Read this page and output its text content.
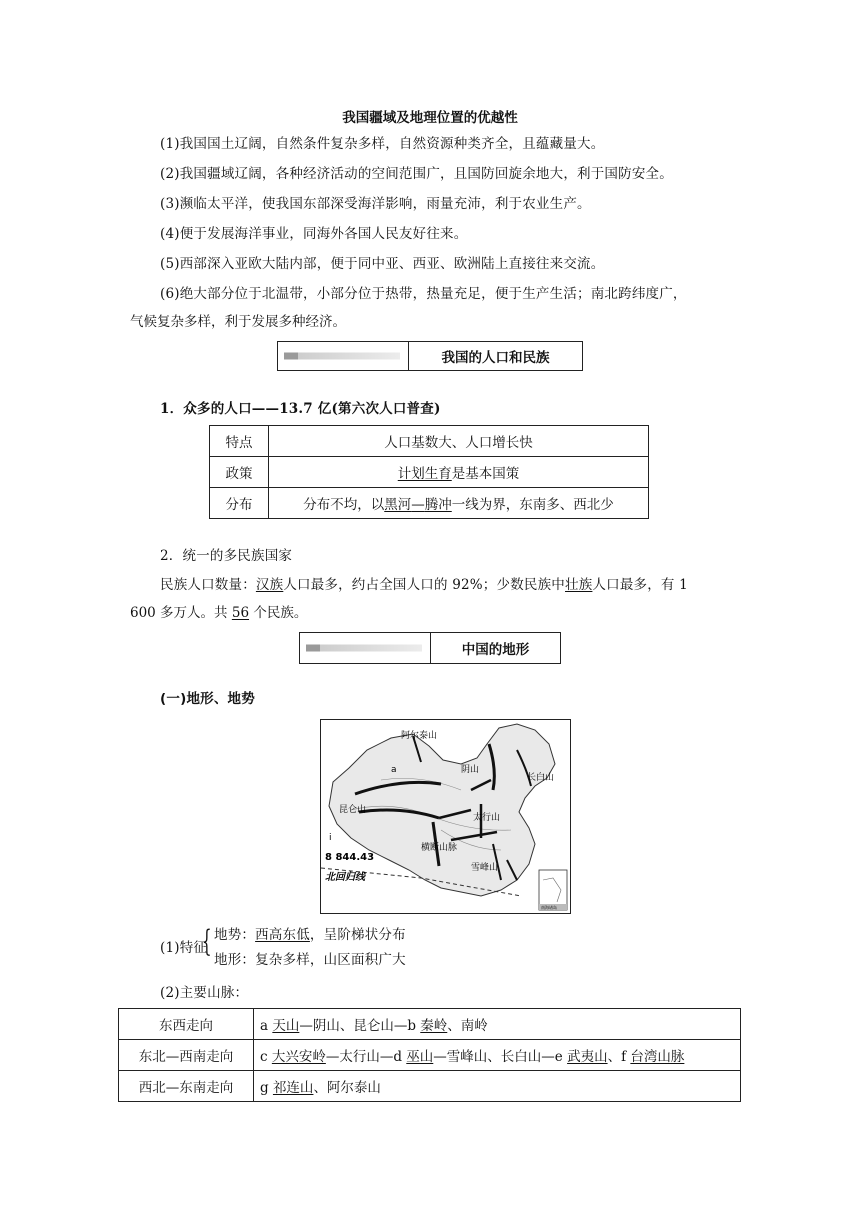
我国疆域及地理位置的优越性
(1)我国国土辽阔，自然条件复杂多样，自然资源种类齐全，且蕴藏量大。
(2)我国疆域辽阔，各种经济活动的空间范围广，且国防回旋余地大，利于国防安全。
(3)濒临太平洋，使我国东部深受海洋影响，雨量充沛，利于农业生产。
(4)便于发展海洋事业，同海外各国人民友好往来。
(5)西部深入亚欧大陆内部，便于同中亚、西亚、欧洲陆上直接往来交流。
(6)绝大部分位于北温带，小部分位于热带，热量充足，便于生产生活；南北跨纬度广，
气候复杂多样，利于发展多种经济。
我国的人口和民族
1．众多的人口——13.7 亿(第六次人口普查)
特点	人口基数大、人口增长快
政策	计划生育是基本国策
分布	分布不均，以黑河—腾冲一线为界，东南多、西北少
2．统一的多民族国家
民族人口数量：汉族人口最多，约占全国人口的 92%；少数民族中壮族人口最多，有 1
600 多万人。共 56 个民族。
中国的地形
(一)地形、地势
阿尔泰山
a
昆仑山
阴山
太行山
长白山
横断山脉
i
8 844.43
雪峰山
北回归线
南海诸岛
(1)特征
{ 地势：西高东低，呈阶梯状分布
地形：复杂多样，山区面积广大
(2)主要山脉：
东西走向	a 天山—阴山、昆仑山—b 秦岭、南岭
东北—西南走向	c 大兴安岭—太行山—d 巫山—雪峰山、长白山—e 武夷山、f 台湾山脉
西北—东南走向	g 祁连山、阿尔泰山
